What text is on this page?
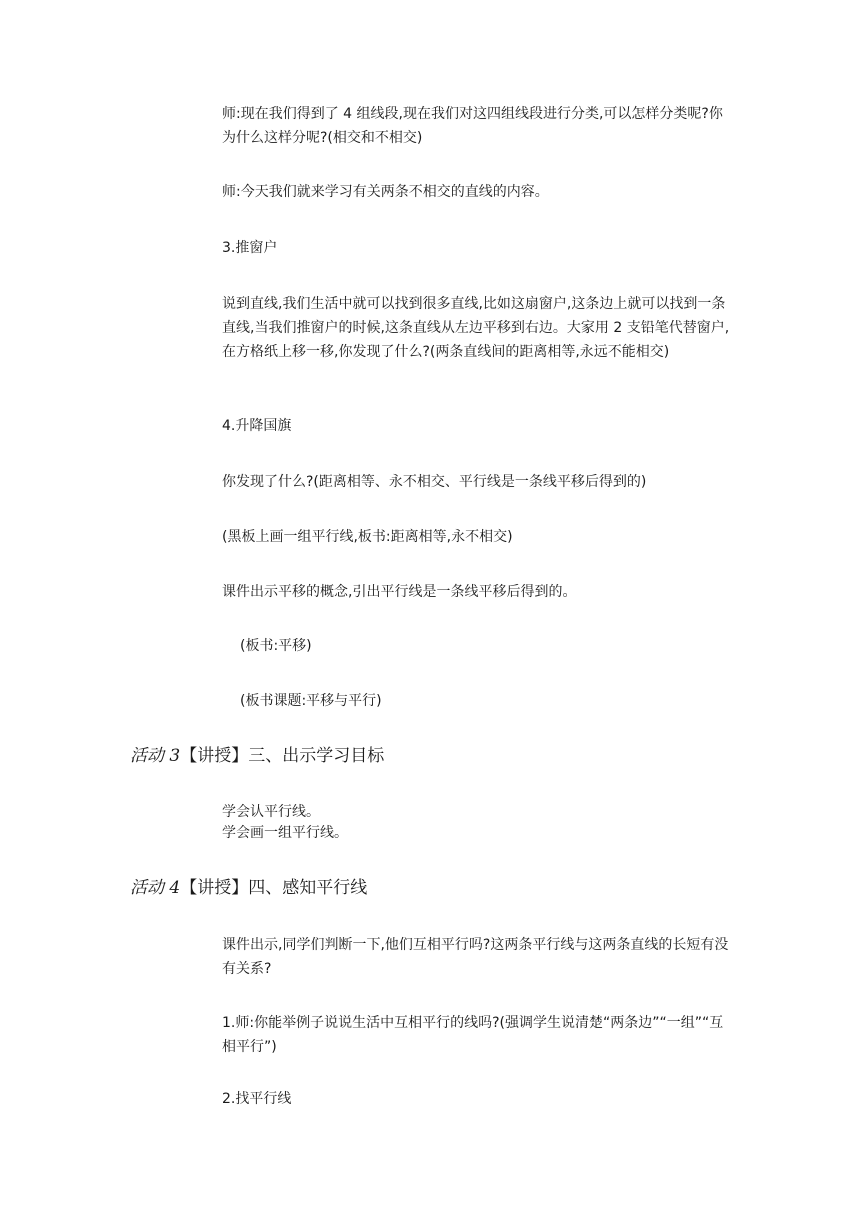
师:现在我们得到了 4 组线段,现在我们对这四组线段进行分类,可以怎样分类呢?你为什么这样分呢?(相交和不相交)

师:今天我们就来学习有关两条不相交的直线的内容。

3.推窗户

说到直线,我们生活中就可以找到很多直线,比如这扇窗户,这条边上就可以找到一条直线,当我们推窗户的时候,这条直线从左边平移到右边。大家用 2 支铅笔代替窗户,在方格纸上移一移,你发现了什么?(两条直线间的距离相等,永远不能相交)

4.升降国旗

你发现了什么?(距离相等、永不相交、平行线是一条线平移后得到的)

(黑板上画一组平行线,板书:距离相等,永不相交)

课件出示平移的概念,引出平行线是一条线平移后得到的。

(板书:平移)

(板书课题:平移与平行)

活动 3【讲授】三、出示学习目标

学会认平行线。

学会画一组平行线。

活动 4【讲授】四、感知平行线

课件出示,同学们判断一下,他们互相平行吗?这两条平行线与这两条直线的长短有没有关系?

1.师:你能举例子说说生活中互相平行的线吗?(强调学生说清楚“两条边”“一组”“互相平行”)

2.找平行线
